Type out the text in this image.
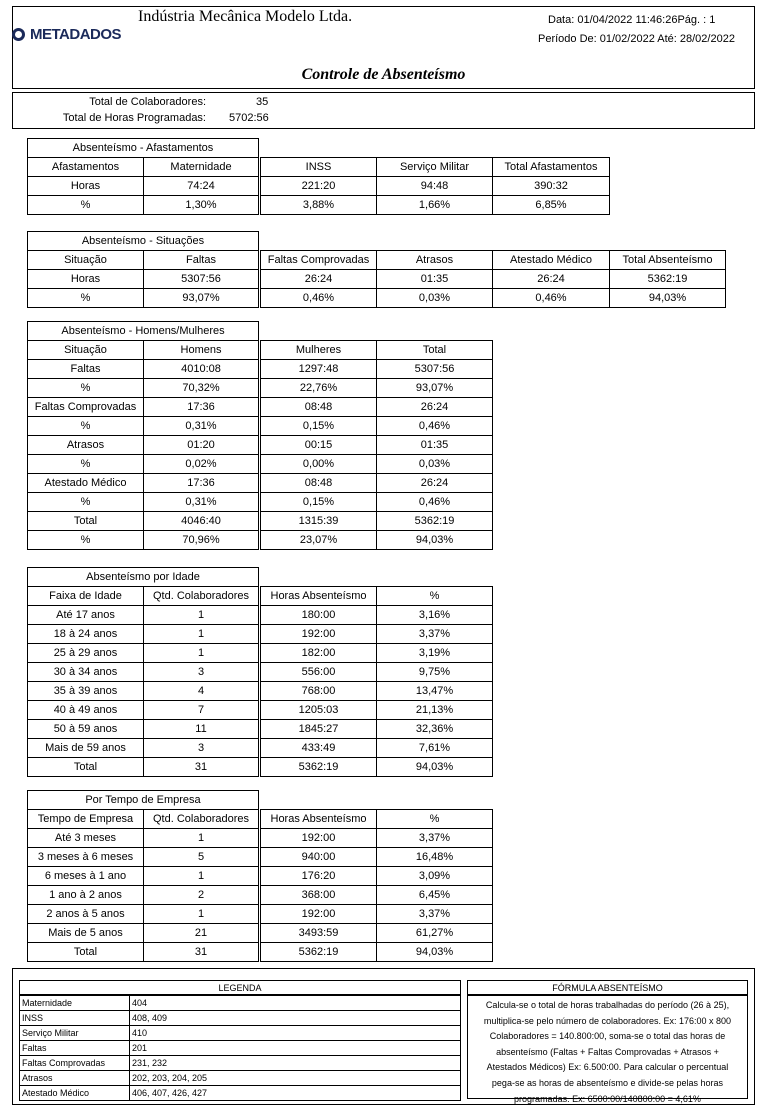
METADADOS
Indústria Mecânica Modelo Ltda.	Data: 01/04/2022 11:46:26Pág. : 1
Período De: 01/02/2022 Até: 28/02/2022
Controle de Absenteísmo
Total de Colaboradores:	35
Total de Horas Programadas: 5702:56
Absenteísmo - Afastamentos
Afastamentos	Maternidade	INSS	Serviço Militar	Total Afastamentos
Horas	74:24	221:20	94:48	390:32
%	1,30%	3,88%	1,66%	6,85%
Absenteísmo - Situações
Situação	Faltas	Faltas Comprovadas	Atrasos	Atestado Médico	Total Absenteísmo
Horas	5307:56	26:24	01:35	26:24	5362:19
%	93,07%	0,46%	0,03%	0,46%	94,03%
Absenteísmo - Homens/Mulheres
Situação	Homens	Mulheres	Total
Faltas	4010:08	1297:48	5307:56
%	70,32%	22,76%	93,07%
Faltas Comprovadas	17:36	08:48	26:24
%	0,31%	0,15%	0,46%
Atrasos	01:20	00:15	01:35
%	0,02%	0,00%	0,03%
Atestado Médico	17:36	08:48	26:24
%	0,31%	0,15%	0,46%
Total	4046:40	1315:39	5362:19
%	70,96%	23,07%	94,03%
Absenteísmo por Idade
Faixa de Idade	Qtd. Colaboradores	Horas Absenteísmo	%
Até 17 anos	1	180:00	3,16%
18 à 24 anos	1	192:00	3,37%
25 à 29 anos	1	182:00	3,19%
30 à 34 anos	3	556:00	9,75%
35 à 39 anos	4	768:00	13,47%
40 à 49 anos	7	1205:03	21,13%
50 à 59 anos	11	1845:27	32,36%
Mais de 59 anos	3	433:49	7,61%
Total	31	5362:19	94,03%
Por Tempo de Empresa
Tempo de Empresa	Qtd. Colaboradores	Horas Absenteísmo	%
Até 3 meses	1	192:00	3,37%
3 meses à 6 meses	5	940:00	16,48%
6 meses à 1 ano	1	176:20	3,09%
1 ano à 2 anos	2	368:00	6,45%
2 anos à 5 anos	1	192:00	3,37%
Mais de 5 anos	21	3493:59	61,27%
Total	31	5362:19	94,03%
LEGENDA
Maternidade	404
INSS	408, 409
Serviço Militar	410
Faltas	201
Faltas Comprovadas	231, 232
Atrasos	202, 203, 204, 205
Atestado Médico	406, 407, 426, 427
FÓRMULA ABSENTEÍSMO
Calcula-se o total de horas trabalhadas do período (26 à 25), multiplica-se pelo número de colaboradores. Ex: 176:00 x 800 Colaboradores = 140.800:00, soma-se o total das horas de absenteísmo (Faltas + Faltas Comprovadas + Atrasos + Atestados Médicos) Ex: 6.500:00. Para calcular o percentual pega-se as horas de absenteísmo e divide-se pelas horas programadas. Ex: 6500:00/140800:00 = 4,61%
